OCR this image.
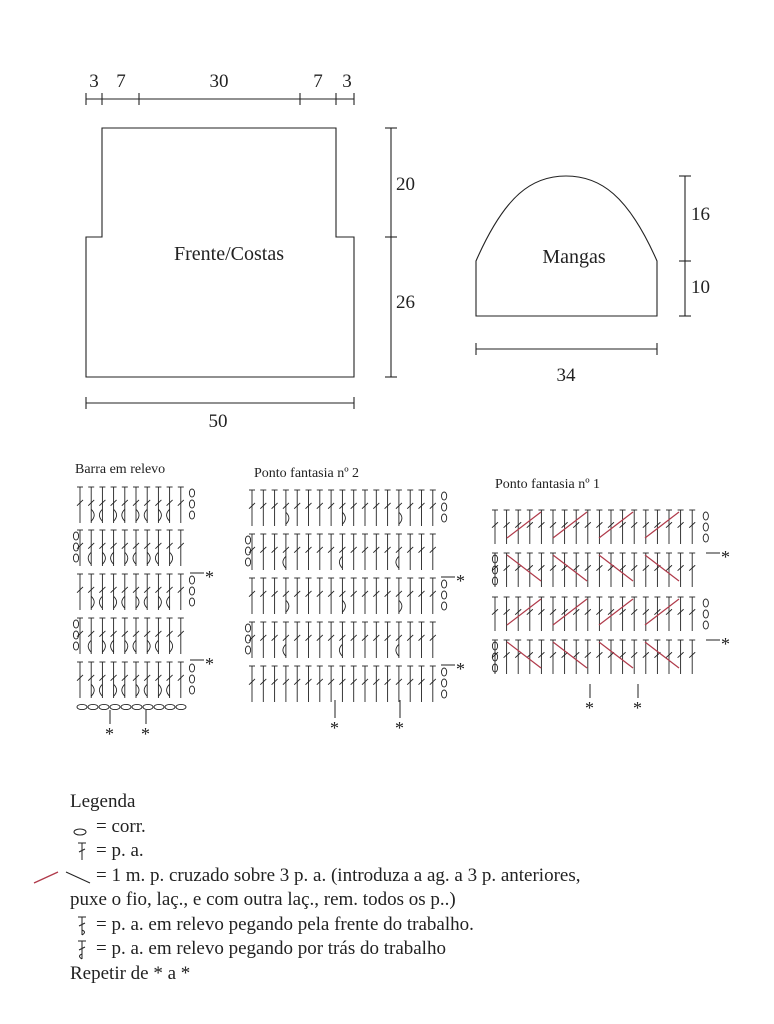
3 7	30	7 3
Frente/Costas
20
26
50
Mangas
16
10
34
Barra em relevo	Ponto fantasia nº 2
Ponto fantasia nº 1
*
*
* *
*
*
*	*
*
*
* *
Legenda
= corr.
= p. a.
= 1 m. p. cruzado sobre 3 p. a. (introduza a ag. a 3 p. anteriores,
puxe o fio, laç., e com outra laç., rem. todos os p..)
= p. a. em relevo pegando pela frente do trabalho.
= p. a. em relevo pegando por trás do trabalho
Repetir de * a *
